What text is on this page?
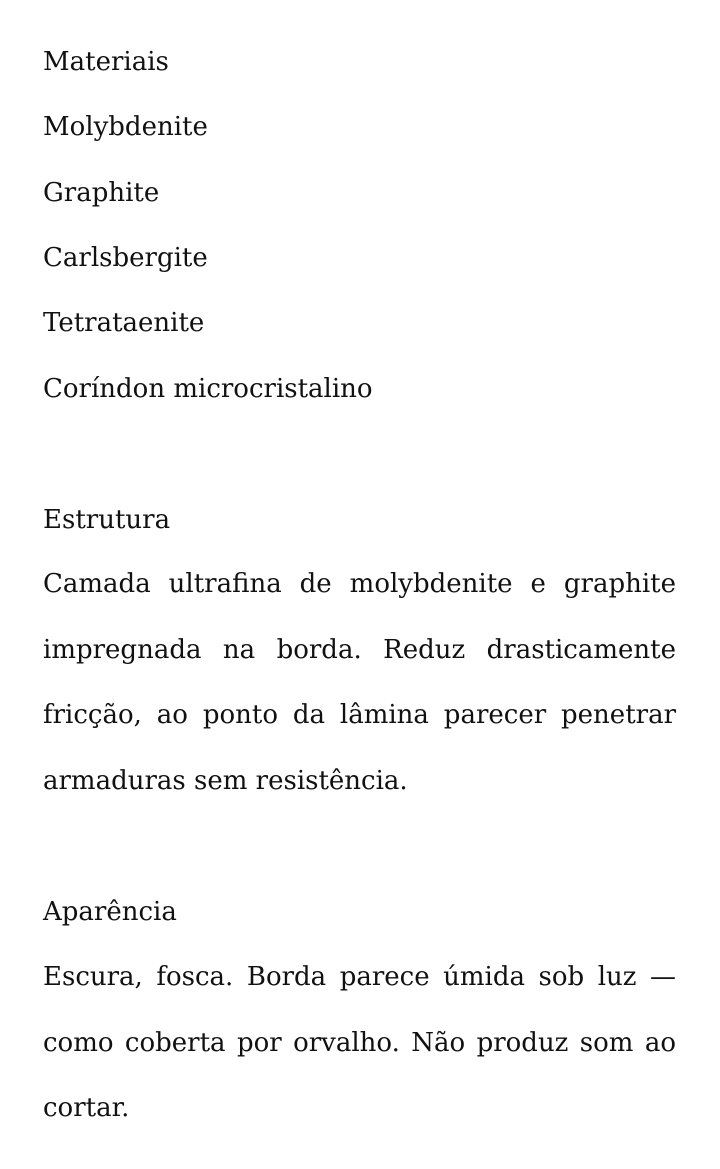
Materiais

Molybdenite

Graphite

Carlsbergite

Tetrataenite

Coríndon microcristalino

Estrutura

Camada ultrafina de molybdenite e graphite impregnada na borda. Reduz drasticamente fricção, ao ponto da lâmina parecer penetrar armaduras sem resistência.

Aparência

Escura, fosca. Borda parece úmida sob luz — como coberta por orvalho. Não produz som ao cortar.
